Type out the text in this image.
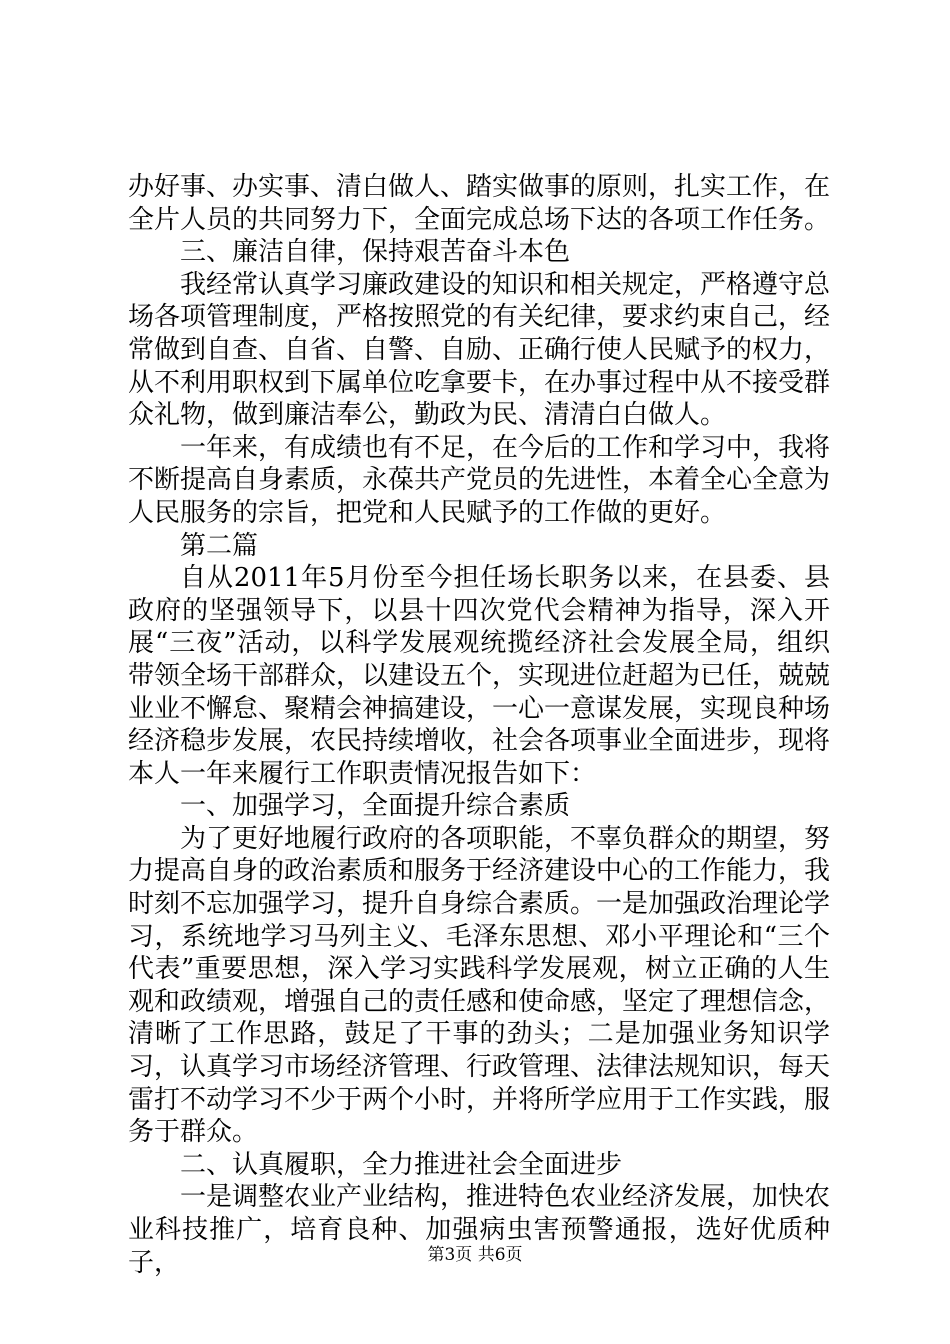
办好事、办实事、清白做人、踏实做事的原则，扎实工作，在全片人员的共同努力下，全面完成总场下达的各项工作任务。

三、廉洁自律，保持艰苦奋斗本色

我经常认真学习廉政建设的知识和相关规定，严格遵守总场各项管理制度，严格按照党的有关纪律，要求约束自己，经常做到自查、自省、自警、自励、正确行使人民赋予的权力，从不利用职权到下属单位吃拿要卡，在办事过程中从不接受群众礼物，做到廉洁奉公，勤政为民、清清白白做人。

一年来，有成绩也有不足，在今后的工作和学习中，我将不断提高自身素质，永葆共产党员的先进性，本着全心全意为人民服务的宗旨，把党和人民赋予的工作做的更好。

第二篇

自从2011年5月份至今担任场长职务以来，在县委、县政府的坚强领导下，以县十四次党代会精神为指导，深入开展“三夜”活动，以科学发展观统揽经济社会发展全局，组织带领全场干部群众，以建设五个，实现进位赶超为已任，兢兢业业不懈怠、聚精会神搞建设，一心一意谋发展，实现良种场经济稳步发展，农民持续增收，社会各项事业全面进步，现将本人一年来履行工作职责情况报告如下：

一、加强学习，全面提升综合素质

为了更好地履行政府的各项职能，不辜负群众的期望，努力提高自身的政治素质和服务于经济建设中心的工作能力，我时刻不忘加强学习，提升自身综合素质。一是加强政治理论学习，系统地学习马列主义、毛泽东思想、邓小平理论和“三个代表”重要思想，深入学习实践科学发展观，树立正确的人生观和政绩观，增强自己的责任感和使命感，坚定了理想信念，清晰了工作思路，鼓足了干事的劲头；二是加强业务知识学习，认真学习市场经济管理、行政管理、法律法规知识，每天雷打不动学习不少于两个小时，并将所学应用于工作实践，服务于群众。

二、认真履职，全力推进社会全面进步

一是调整农业产业结构，推进特色农业经济发展，加快农业科技推广，培育良种、加强病虫害预警通报，选好优质种子，	第3页 共6页
